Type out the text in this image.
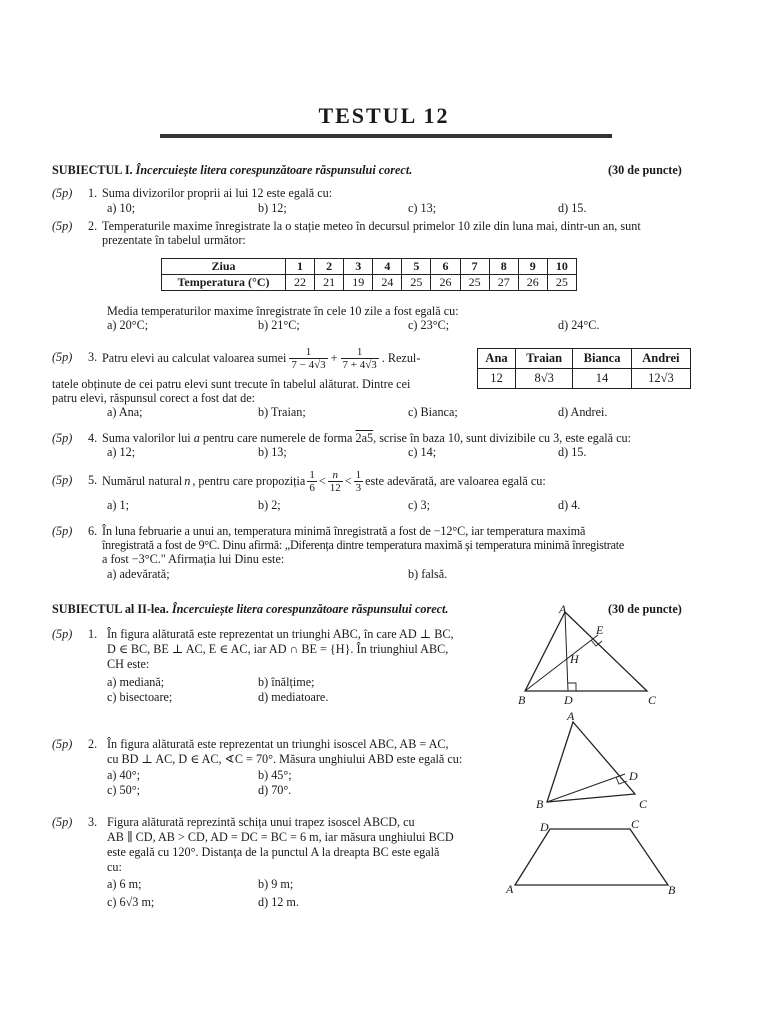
TESTUL 12
SUBIECTUL I. Încercuiește litera corespunzătoare răspunsului corect.	(30 de puncte)
(5p) 1. Suma divizorilor proprii ai lui 12 este egală cu:
a) 10;	b) 12;	c) 13;	d) 15.
(5p) 2. Temperaturile maxime înregistrate la o stație meteo în decursul primelor 10 zile din luna mai, dintr-un an, sunt
prezentate în tabelul următor:
Ziua	1	2	3	4	5	6	7	8	9	10
Temperatura (°C)	22	21	19	24	25	26	25	27	26	25
Media temperaturilor maxime înregistrate în cele 10 zile a fost egală cu:
a) 20°C;	b) 21°C;	c) 23°C;	d) 24°C.
(5p) 3. Patru elevi au calculat valoarea sumei $\frac{1}{7 - 4√3} + \frac{1}{7 + 4√3}$ . Rezul-
tatele obținute de cei patru elevi sunt trecute în tabelul alăturat. Dintre cei
patru elevi, răspunsul corect a fost dat de:
Ana	Traian	Bianca	Andrei
12	8√3	14	12√3
a) Ana;	b) Traian;	c) Bianca;	d) Andrei.
(5p) 4. Suma valorilor lui a pentru care numerele de forma 2a5, scrise în baza 10, sunt divizibile cu 3, este egală cu:
a) 12;	b) 13;	c) 14;	d) 15.
(5p) 5. Numărul natural n , pentru care propoziția $\frac{1}{6} < \frac{n}{12} < \frac{1}{3}$ este adevărată, are valoarea egală cu:
a) 1;	b) 2;	c) 3;	d) 4.
(5p) 6. În luna februarie a unui an, temperatura minimă înregistrată a fost de −12°C, iar temperatura maximă
înregistrată a fost de 9°C. Dinu afirmă: „Diferența dintre temperatura maximă și temperatura minimă înregistrate
a fost −3°C." Afirmația lui Dinu este:
a) adevărată;	b) falsă.
SUBIECTUL al II-lea. Încercuiește litera corespunzătoare răspunsului corect.	(30 de puncte)
(5p) 1. În figura alăturată este reprezentat un triunghi ABC, în care AD ⊥ BC,
D ∈ BC, BE ⊥ AC, E ∈ AC, iar AD ∩ BE = {H}. În triunghiul ABC,
CH este:
a) mediană;	b) înălțime;
c) bisectoare;	d) mediatoare.
A
B	C
D
E
H
(5p) 2. În figura alăturată este reprezentat un triunghi isoscel ABC, AB = AC,
cu BD ⊥ AC, D ∈ AC, ∢C = 70°. Măsura unghiului ABD este egală cu:
a) 40°;	b) 45°;
c) 50°;	d) 70°.
A
B	C
D
(5p) 3. Figura alăturată reprezintă schița unui trapez isoscel ABCD, cu
AB ∥ CD, AB > CD, AD = DC = BC = 6 m, iar măsura unghiului BCD
este egală cu 120°. Distanța de la punctul A la dreapta BC este egală
cu:
a) 6 m;	b) 9 m;
c) 6√3 m;	d) 12 m.
A	B
C
D
